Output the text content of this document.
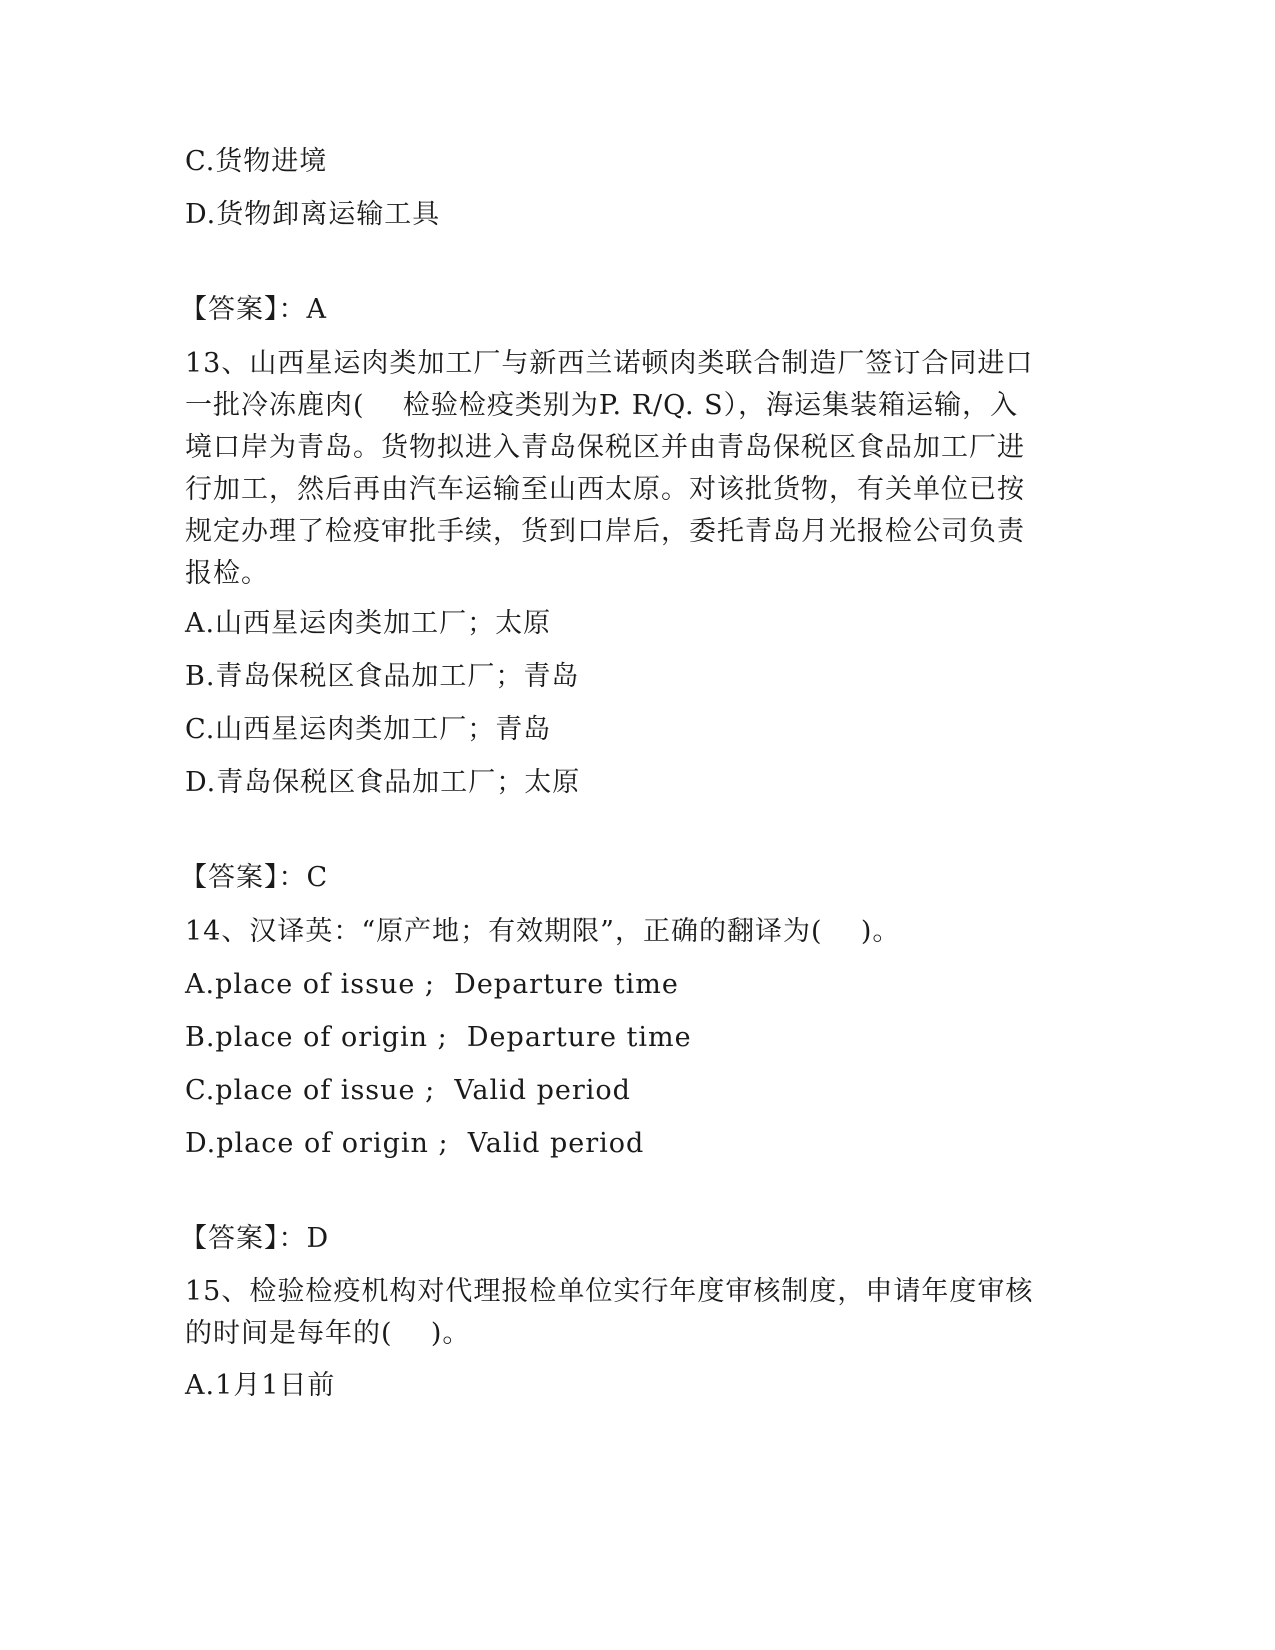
C.货物进境
D.货物卸离运输工具
【答案】：A
13、山西星运肉类加工厂与新西兰诺顿肉类联合制造厂签订合同进口
一批冷冻鹿肉(    检验检疫类别为P. R/Q. S），海运集装箱运输，入
境口岸为青岛。货物拟进入青岛保税区并由青岛保税区食品加工厂进
行加工，然后再由汽车运输至山西太原。对该批货物，有关单位已按
规定办理了检疫审批手续，货到口岸后，委托青岛月光报检公司负责
报检。
A.山西星运肉类加工厂；太原
B.青岛保税区食品加工厂；青岛
C.山西星运肉类加工厂；青岛
D.青岛保税区食品加工厂；太原
【答案】：C
14、汉译英：“原产地；有效期限”，正确的翻译为(    )。
A.place of issue ;  Departure time
B.place of origin ;  Departure time
C.place of issue ;  Valid period
D.place of origin ;  Valid period
【答案】：D
15、检验检疫机构对代理报检单位实行年度审核制度，申请年度审核
的时间是每年的(    )。
A.1月1日前
